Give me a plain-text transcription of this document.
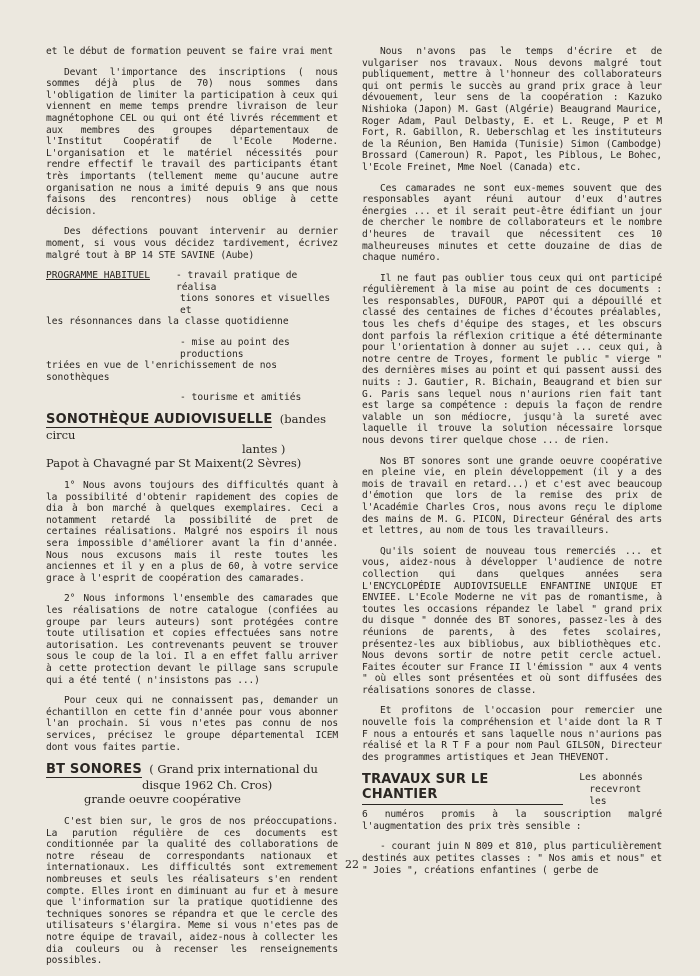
et le début de formation peuvent se faire vrai ment

Devant l'importance des inscriptions ( nous sommes déjà plus de 70) nous sommes dans l'obligation de limiter la participation à ceux qui viennent en meme temps prendre livraison de leur magnétophone CEL ou qui ont été livrés récemment et aux membres des groupes départementaux de l'Institut Coopératif de l'Ecole Moderne. L'organisation et le matériel nécessités pour rendre effectif le travail des participants étant très importants (tellement meme qu'aucune autre organisation ne nous a imité depuis 9 ans que nous faisons des rencontres) nous oblige à cette décision.

Des défections pouvant intervenir au dernier moment, si vous vous décidez tardivement, écrivez malgré tout à BP 14 STE SAVINE (Aube)

PROGRAMME HABITUEL	- travail pratique de réalisa
tions sonores et visuelles et
les résonnances dans la classe quotidienne
- mise au point des productions
triées en vue de l'enrichissement de nos sonothèques
- tourisme et amitiés
SONOTHÈQUE AUDIOVISUELLE (bandes circu
lantes )
Papot à Chavagné par St Maixent(2 Sèvres)

1° Nous avons toujours des difficultés quant à la possibilité d'obtenir rapidement des copies de dia à bon marché à quelques exemplaires. Ceci a notamment retardé la possibilité de pret de certaines réalisations. Malgré nos espoirs il nous sera impossible d'améliorer avant la fin d'année. Nous nous excusons mais il reste toutes les anciennes et il y en a plus de 60, à votre service grace à l'esprit de coopération des camarades.

2° Nous informons l'ensemble des camarades que les réalisations de notre catalogue (confiées au groupe par leurs auteurs) sont protégées contre toute utilisation et copies effectuées sans notre autorisation. Les contrevenants peuvent se trouver sous le coup de la loi. Il a en effet fallu arriver à cette protection devant le pillage sans scrupule qui a été tenté ( n'insistons pas ...)

Pour ceux qui ne connaissent pas, demander un échantillon en cette fin d'année pour vous abonner l'an prochain. Si vous n'etes pas connu de nos services, précisez le groupe départemental ICEM dont vous faites partie.

BT SONORES ( Grand prix international du
disque 1962 Ch. Cros)
grande oeuvre coopérative

C'est bien sur, le gros de nos préoccupations. La parution régulière de ces documents est conditionnée par la qualité des collaborations de notre réseau de correspondants nationaux et internationaux. Les difficultés sont extremement nombreuses et seuls les réalisateurs s'en rendent compte. Elles iront en diminuant au fur et à mesure que l'information sur la pratique quotidienne des techniques sonores se répandra et que le cercle des utilisateurs s'élargira. Meme si vous n'etes pas de notre équipe de travail, aidez-nous à collecter les dia couleurs ou à recenser les renseignements possibles.

Nous n'avons pas le temps d'écrire et de vulgariser nos travaux. Nous devons malgré tout publiquement, mettre à l'honneur des collaborateurs qui ont permis le succès au grand prix grace à leur dévouement, leur sens de la coopération : Kazuko Nishioka (Japon) M. Gast (Algérie) Beaugrand Maurice, Roger Adam, Paul Delbasty, E. et L. Reuge, P et M Fort, R. Gabillon, R. Ueberschlag et les instituteurs de la Réunion, Ben Hamida (Tunisie) Simon (Cambodge) Brossard (Cameroun) R. Papot, les Piblous, Le Bohec, l'Ecole Freinet, Mme Noel (Canada) etc.

Ces camarades ne sont eux-memes souvent que des responsables ayant réuni autour d'eux d'autres énergies ... et il serait peut-être édifiant un jour de chercher le nombre de collaborateurs et le nombre d'heures de travail que nécessitent ces 10 malheureuses minutes et cette douzaine de dias de chaque numéro.

Il ne faut pas oublier tous ceux qui ont participé régulièrement à la mise au point de ces documents : les responsables, DUFOUR, PAPOT qui a dépouillé et classé des centaines de fiches d'écoutes préalables, tous les chefs d'équipe des stages, et les obscurs dont parfois la réflexion critique a été déterminante pour l'orientation à donner au sujet ... ceux qui, à notre centre de Troyes, forment le public " vierge " des dernières mises au point et qui passent aussi des nuits : J. Gautier, R. Bichain, Beaugrand et bien sur G. Paris sans lequel nous n'aurions rien fait tant est large sa compétence : depuis la façon de rendre valable un son médiocre, jusqu'à la sureté avec laquelle il trouve la solution nécessaire lorsque nous devons tirer quelque chose ... de rien.

Nos BT sonores sont une grande oeuvre coopérative en pleine vie, en plein développement (il y a des mois de travail en retard...) et c'est avec beaucoup d'émotion que lors de la remise des prix de l'Académie Charles Cros, nous avons reçu le diplome des mains de M. G. PICON, Directeur Général des arts et lettres, au nom de tous les travailleurs.

Qu'ils soient de nouveau tous remerciés ... et vous, aidez-nous à développer l'audience de notre collection qui dans quelques années sera L'ENCYCLOPÉDIE AUDIOVISUELLE ENFANTINE UNIQUE ET ENVIEE. L'Ecole Moderne ne vit pas de romantisme, à toutes les occasions répandez le label " grand prix du disque " donnée des BT sonores, passez-les à des réunions de parents, à des fetes scolaires, présentez-les aux bibliobus, aux bibliothèques etc. Nous devons sortir de notre petit cercle actuel. Faites écouter sur France II l'émission " aux 4 vents " où elles sont présentées et où sont diffusées des réalisations sonores de classe.

Et profitons de l'occasion pour remercier une nouvelle fois la compréhension et l'aide dont la R T F nous a entourés et sans laquelle nous n'aurions pas réalisé et la R T F a pour nom Paul GILSON, Directeur des programmes artistiques et Jean THEVENOT.

TRAVAUX SUR LE CHANTIER
Les abonnés
recevront les

6 numéros promis à la souscription malgré l'augmentation des prix très sensible :

- courant juin N 809 et 810, plus particulièrement destinés aux petites classes : " Nos amis et nous" et " Joies ", créations enfantines ( gerbe de

22
